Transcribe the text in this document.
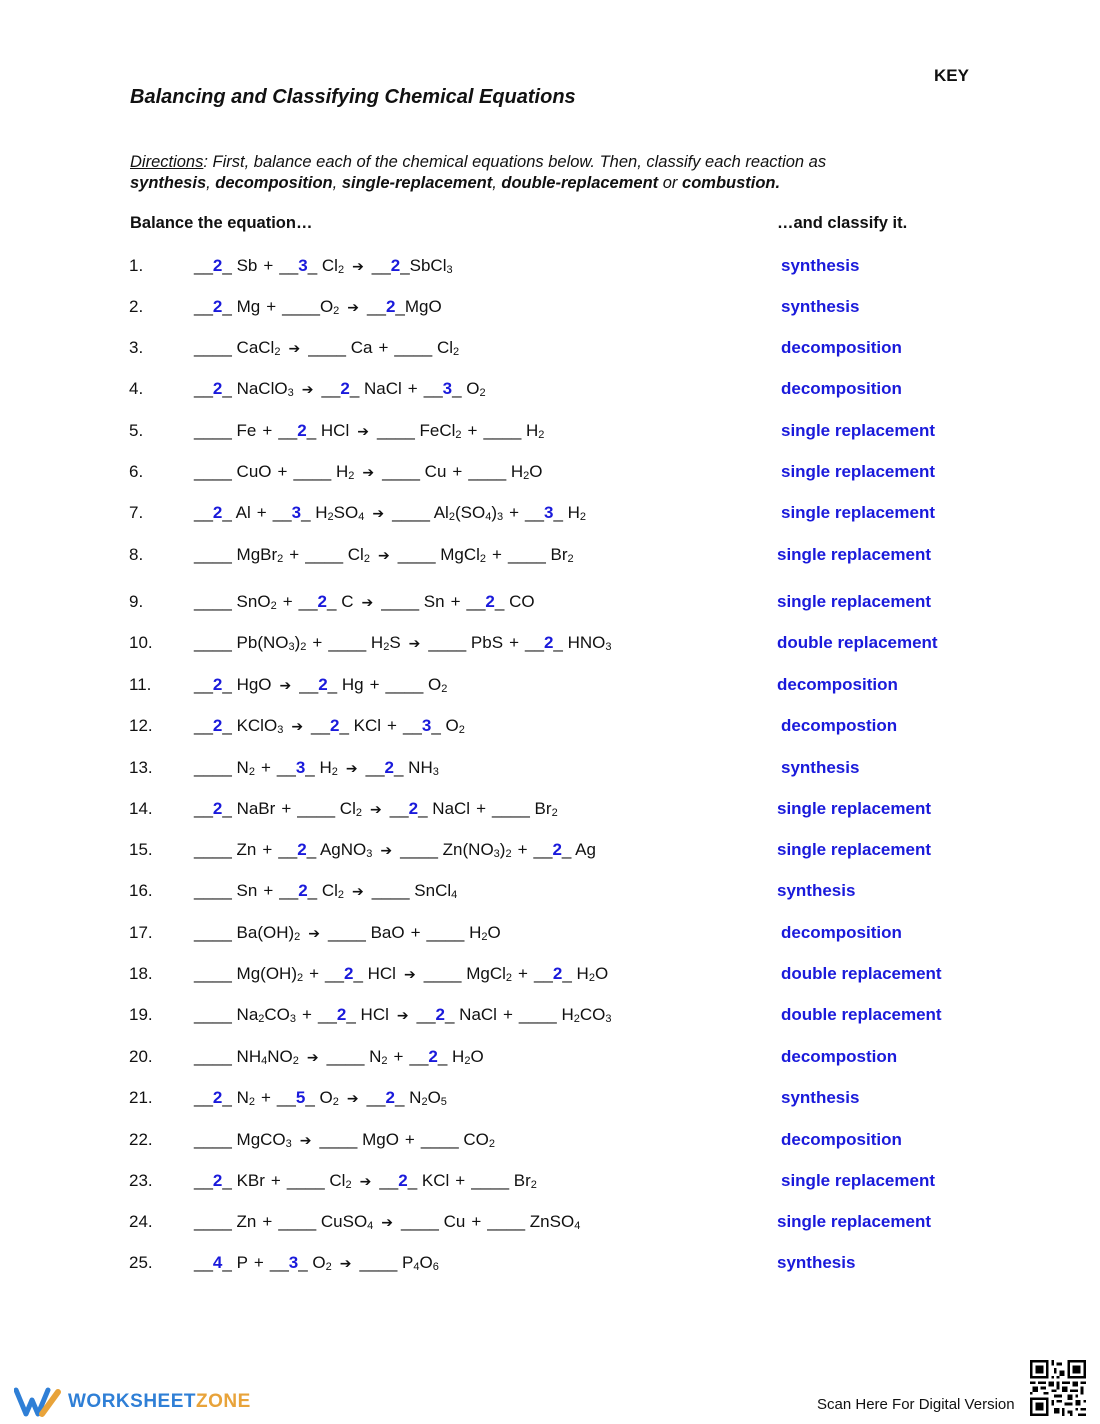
KEY
Balancing and Classifying Chemical Equations
Directions: First, balance each of the chemical equations below. Then, classify each reaction as
synthesis, decomposition, single-replacement, double-replacement or combustion.
Balance the equation…	…and classify it.
1.	__2_ Sb + __3_ $Cl_2$ ➔ __2_SbCl$_3$	synthesis
2.	__2_ $Mg + \_\_\_\_O_2$ ➔ __2_MgO	synthesis
3.	____ CaCl$_2$ ➔ ____ Ca + ____ $Cl_2$	decomposition
4.	__2_ NaClO$_3$ ➔ __2_ NaCl + __3_ $O_2$	decomposition
5.	____ Fe + __2_ HCl ➔ ____ FeCl$_2$ + ____ $H_2$	single replacement
6.	____ CuO + ____ $H_2$ ➔ ____ Cu + ____ $H_2O$	single replacement
7.	__2_ Al + __3_ $H_2SO_4$ ➔ ____ $Al_2(SO_4)_3$ + __3_ $H_2$	single replacement
8.	____ MgBr$_2$ + ____ $Cl_2$ ➔ ____ MgCl$_2$ + ____ $Br_2$	single replacement
9.	____ SnO$_2$ + __2_ C ➔ ____ Sn + __2_ CO	single replacement
10. ____ $Pb(NO_3)_2$ + ____ $H_2S$ ➔ ____ PbS + __2_ $HNO_3$	double replacement
11.	__2_ HgO ➔ __2_ Hg + ____ $O_2$	decomposition
12. __2_ KClO$_3$ ➔ __2_ KCl + __3_ $O_2$	decompostion
13. ____ $N_2$ + __3_ $H_2$ ➔ __2_ $NH_3$	synthesis
14. __2_ NaBr + ____ $Cl_2$ ➔ __2_ NaCl + ____ $Br_2$	single replacement
15. ____ Zn + __2_ AgNO$_3$ ➔ ____ $Zn(NO_3)_2$ + __2_ Ag	single replacement
16. ____ Sn + __2_ $Cl_2$ ➔ ____ SnCl$_4$	synthesis
17. ____ $Ba(OH)_2$ ➔ ____ BaO + ____ $H_2O$	decomposition
18. ____ $Mg(OH)_2$ + __2_ HCl ➔ ____ MgCl$_2$ + __2_ $H_2O$	double replacement
19. ____ $Na_2CO_3$ + __2_ HCl ➔ __2_ NaCl + ____ $H_2CO_3$	double replacement
20. ____ $NH_4NO_2$ ➔ ____ $N_2$ + __2_ $H_2O$	decompostion
21. __2_ $N_2$ + __5_ $O_2$ ➔ __2_ $N_2O_5$	synthesis
22. ____ MgCO$_3$ ➔ ____ MgO + ____ $CO_2$	decomposition
23. __2_ KBr + ____ $Cl_2$ ➔ __2_ KCl + ____ $Br_2$	single replacement
24. ____ Zn + ____ CuSO$_4$ ➔ ____ Cu + ____ ZnSO$_4$	single replacement
25. __4_ P + __3_ $O_2$ ➔ ____ $P_4O_6$	synthesis
WORKSHEETZONE	Scan Here For Digital Version
